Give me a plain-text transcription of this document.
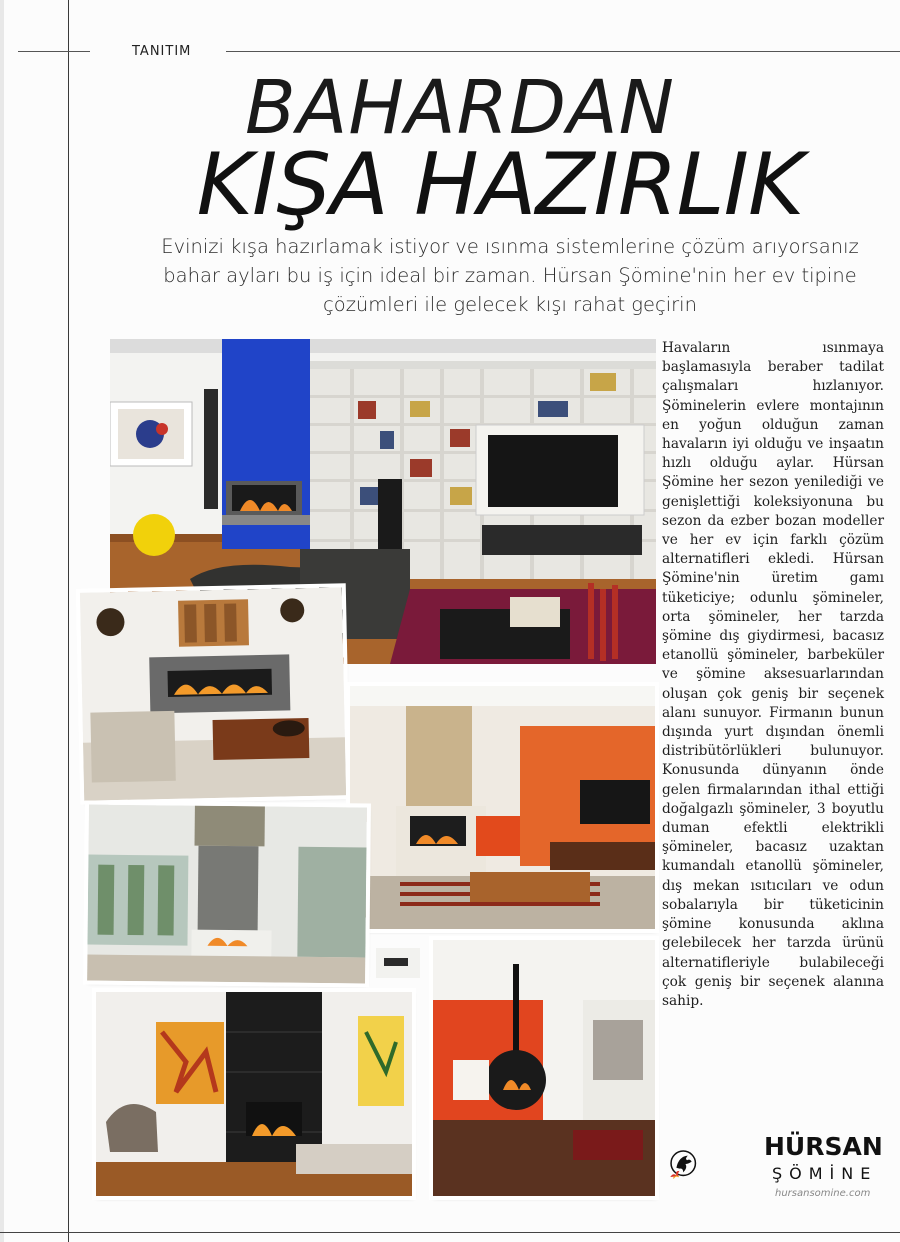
TANITIM
BAHARDAN
KIŞA HAZIRLIK
Evinizi kışa hazırlamak istiyor ve ısınma sistemlerine çözüm arıyorsanız bahar ayları bu iş için ideal bir zaman. Hürsan Şömine'nin her ev tipine çözümleri ile gelecek kışı rahat geçirin
Havaların ısınmaya başlamasıyla beraber tadilat çalışmaları hızlanıyor. Şöminelerin evlere montajının en yoğun olduğun zaman havaların iyi olduğu ve inşaatın hızlı olduğu aylar. Hürsan Şömine her sezon yenilediği ve genişlettiği koleksiyonuna bu sezon da ezber bozan modeller ve her ev için farklı çözüm alternatifleri ekledi. Hürsan Şömine'nin üretim gamı tüketiciye; odunlu şömineler, orta şömineler, her tarzda şömine dış giydirmesi, bacasız etanollü şömineler, barbeküler ve şömine aksesuarlarından oluşan çok geniş bir seçenek alanı sunuyor. Firmanın bunun dışında yurt dışından önemli distribütörlükleri bulunuyor. Konusunda dünyanın önde gelen firmalarından ithal ettiği doğalgazlı şömineler, 3 boyutlu duman efektli elektrikli şömineler, bacasız uzaktan kumandalı etanollü şömineler, dış mekan ısıtıcıları ve odun sobalarıyla bir tüketicinin şömine konusunda aklına gelebilecek her tarzda ürünü alternatifleriyle bulabileceği çok geniş bir seçenek alanına sahip.
HÜRSAN
ŞÖMİNE
hursansomine.com
